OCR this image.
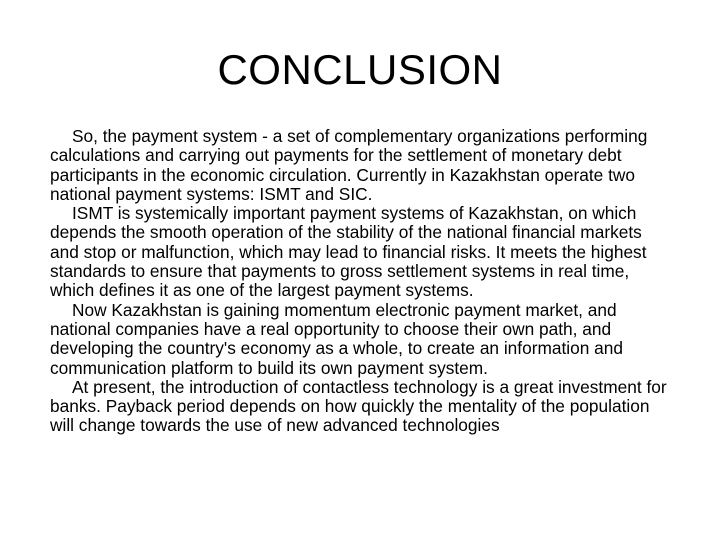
CONCLUSION

So, the payment system - a set of complementary organizations performing calculations and carrying out payments for the settlement of monetary debt participants in the economic circulation. Currently in Kazakhstan operate two national payment systems: ISMT and SIC.

ISMT is systemically important payment systems of Kazakhstan, on which depends the smooth operation of the stability of the national financial markets and stop or malfunction, which may lead to financial risks. It meets the highest standards to ensure that payments to gross settlement systems in real time, which defines it as one of the largest payment systems.

Now Kazakhstan is gaining momentum electronic payment market, and national companies have a real opportunity to choose their own path, and developing the country's economy as a whole, to create an information and communication platform to build its own payment system.

At present, the introduction of contactless technology is a great investment for banks. Payback period depends on how quickly the mentality of the population will change towards the use of new advanced technologies
